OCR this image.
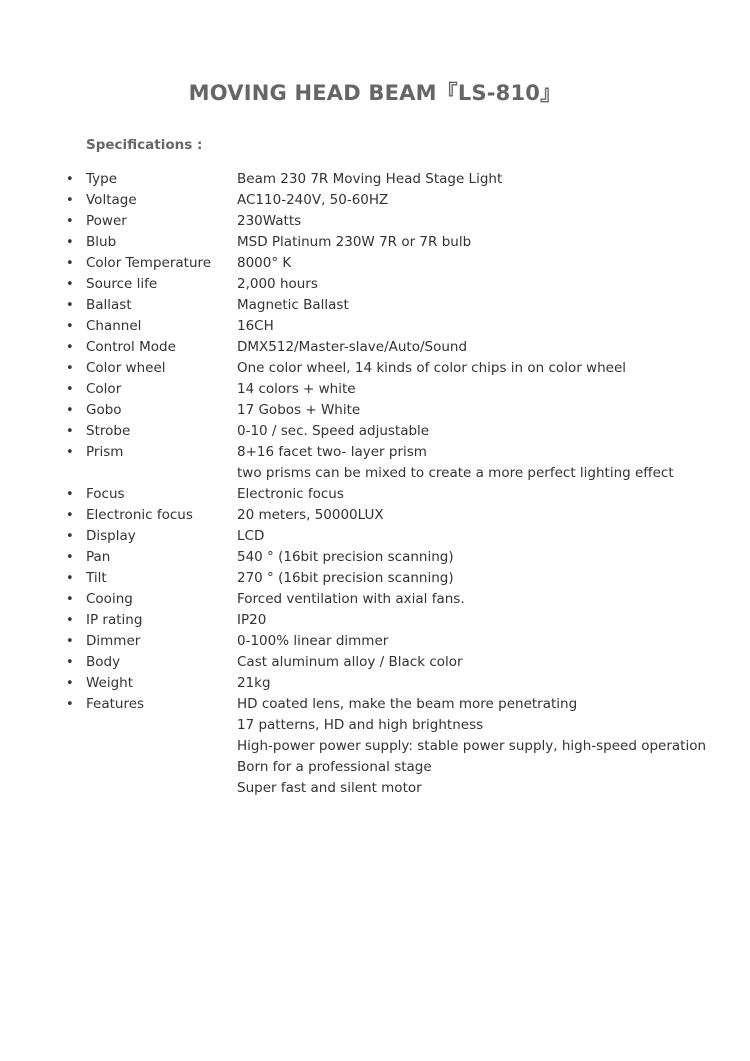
MOVING HEAD BEAM『LS-810』
Specifications :
• Type	Beam 230 7R Moving Head Stage Light
• Voltage	AC110-240V, 50-60HZ
• Power	230Watts
• Blub	MSD Platinum 230W 7R or 7R bulb
• Color Temperature	8000° K
• Source life	2,000 hours
• Ballast	Magnetic Ballast
• Channel	16CH
• Control Mode	DMX512/Master-slave/Auto/Sound
• Color wheel	One color wheel, 14 kinds of color chips in on color wheel
• Color	14 colors + white
• Gobo	17 Gobos + White
• Strobe	0-10 / sec. Speed adjustable
• Prism	8+16 facet two- layer prism
two prisms can be mixed to create a more perfect lighting effect
• Focus	Electronic focus
• Electronic focus	20 meters, 50000LUX
• Display	LCD
• Pan	540 ° (16bit precision scanning)
• Tilt	270 ° (16bit precision scanning)
• Cooing	Forced ventilation with axial fans.
• IP rating	IP20
• Dimmer	0-100% linear dimmer
• Body	Cast aluminum alloy / Black color
• Weight	21kg
• Features	HD coated lens, make the beam more penetrating
17 patterns, HD and high brightness
High-power power supply: stable power supply, high-speed operation
Born for a professional stage
Super fast and silent motor
